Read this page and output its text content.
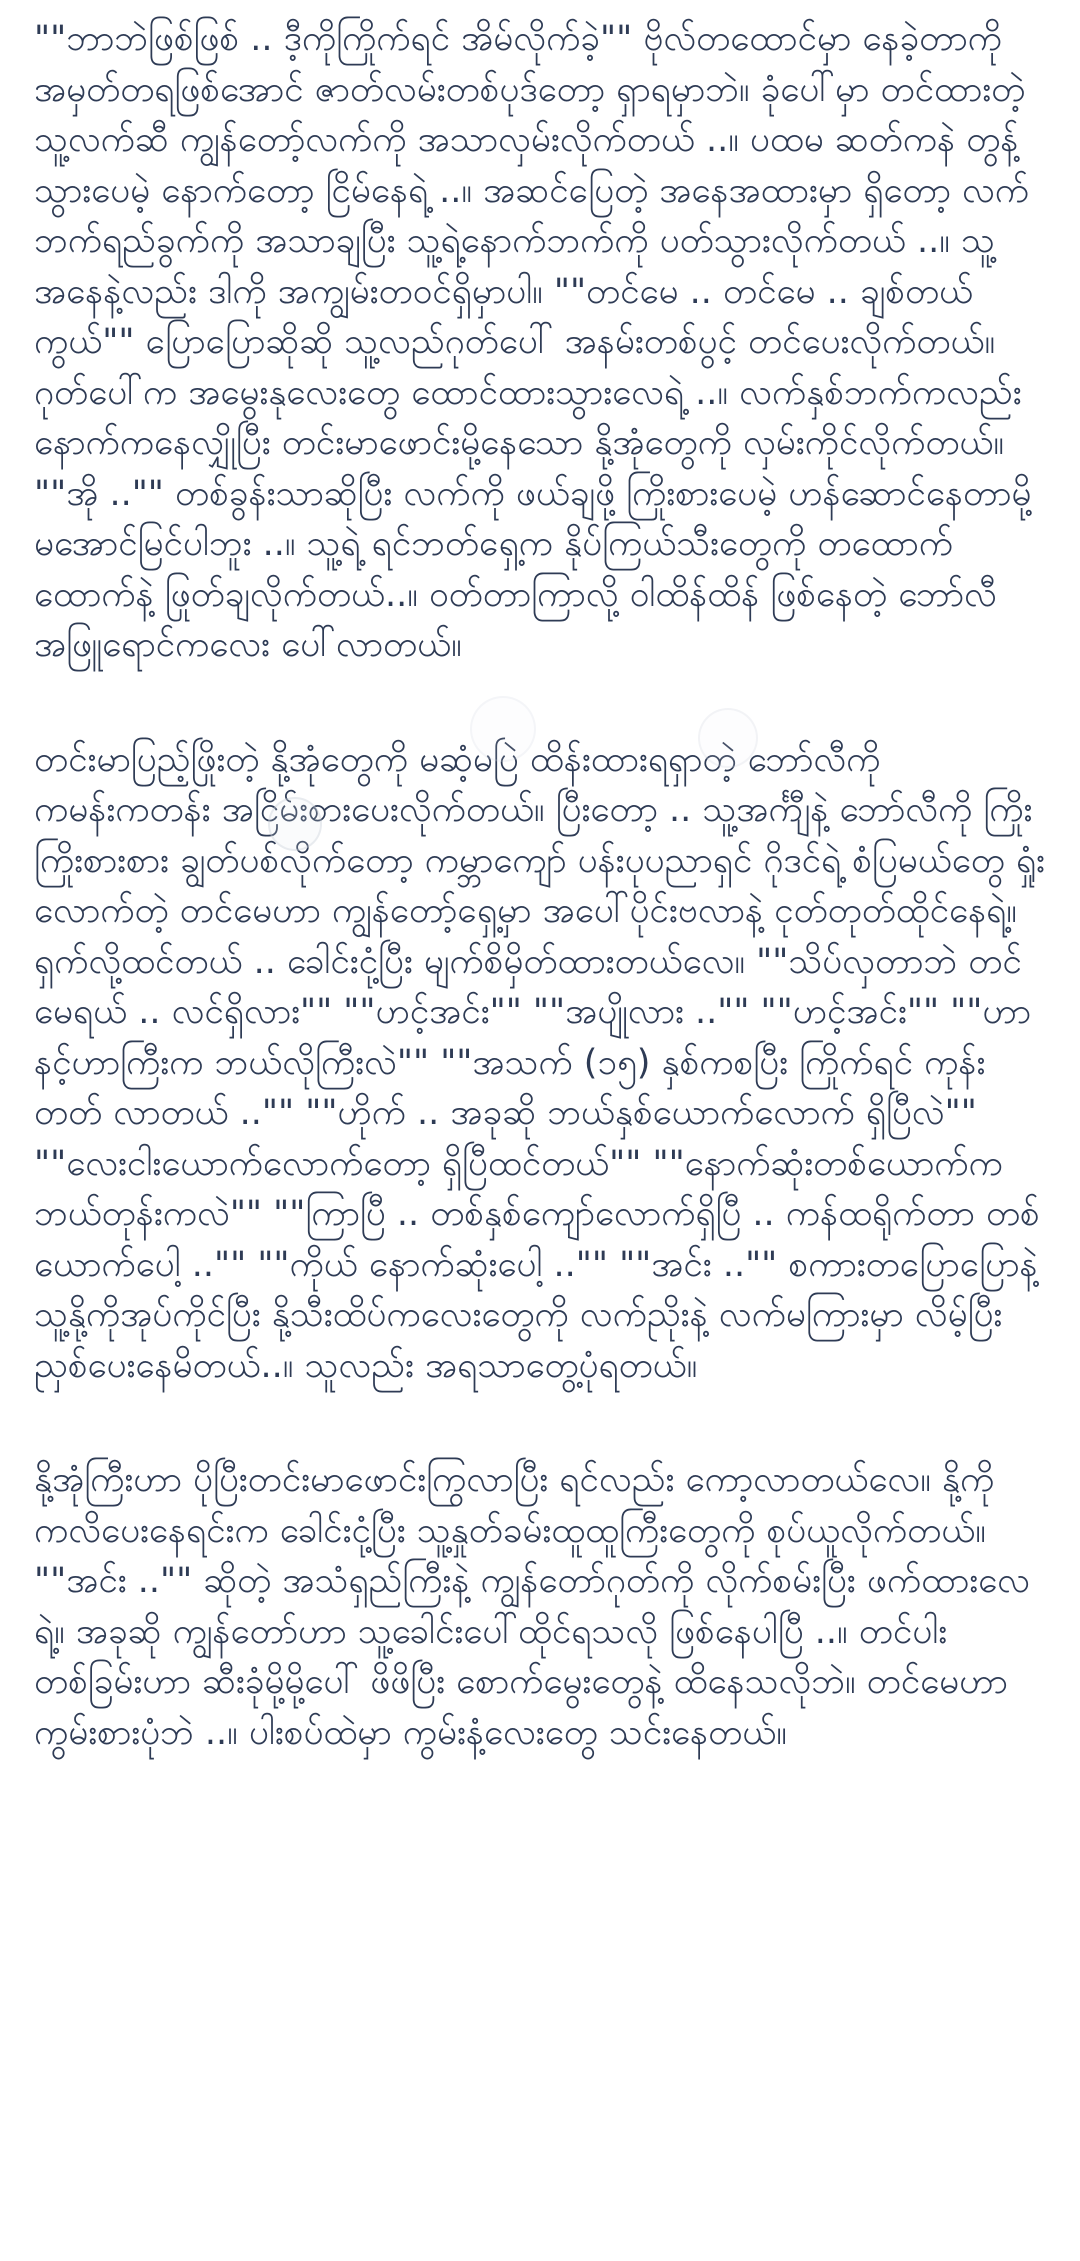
""ဘာဘဲဖြစ်ဖြစ် .. ဒီ့ကိုကြိုက်ရင် အိမ်လိုက်ခဲ့"" ဗိုလ်တထောင်မှာ နေခဲ့တာကို အမှတ်တရဖြစ်အောင် ဇာတ်လမ်းတစ်ပုဒ်တော့ ရှာရမှာဘဲ။ ခုံပေါ်မှာ တင်ထားတဲ့ သူ့လက်ဆီ ကျွန်တော့်လက်ကို အသာလှမ်းလိုက်တယ် ..။ ပထမ ဆတ်ကနဲ တွန့်သွားပေမဲ့ နောက်တော့ ငြိမ်နေရဲ့ ..။ အဆင်ပြေတဲ့ အနေအထားမှာ ရှိတော့ လက်ဘက်ရည်ခွက်ကို အသာချပြီး သူ့ရဲ့နောက်ဘက်ကို ပတ်သွားလိုက်တယ် ..။ သူ့အနေနဲ့လည်း ဒါကို အကျွမ်းတဝင်ရှိမှာပါ။ ""တင်မေ .. တင်မေ .. ချစ်တယ်ကွယ်"" ပြောပြောဆိုဆို သူ့လည်ဂုတ်ပေါ် အနမ်းတစ်ပွင့် တင်ပေးလိုက်တယ်။ ဂုတ်ပေါ်က အမွေးနုလေးတွေ ထောင်ထားသွားလေရဲ့ ..။ လက်နှစ်ဘက်ကလည်း နောက်ကနေလျှိုပြီး တင်းမာဖောင်းမို့နေသော နို့အုံတွေကို လှမ်းကိုင်လိုက်တယ်။ ""အို .."" တစ်ခွန်းသာဆိုပြီး လက်ကို ဖယ်ချဖို့ ကြိုးစားပေမဲ့ ဟန်ဆောင်နေတာမို့ မအောင်မြင်ပါဘူး ..။ သူ့ရဲ့ ရင်ဘတ်ရှေ့က နိုပ်ကြယ်သီးတွေကို တထောက်ထောက်နဲ့ ဖြုတ်ချလိုက်တယ်..။ ဝတ်တာကြာလို့ ဝါထိန်ထိန် ဖြစ်နေတဲ့ ဘော်လီအဖြူရောင်ကလေး ပေါ်လာတယ်။

တင်းမာပြည့်ဖြိုးတဲ့ နို့အုံတွေကို မဆံ့မပြဲ ထိန်းထားရရှာတဲ့ ဘော်လီကို ကမန်းကတန်း အငြိမ်းစားပေးလိုက်တယ်။ ပြီးတော့ .. သူ့အင်္ကျီနဲ့ ဘော်လီကို ကြိုးကြိုးစားစား ချွတ်ပစ်လိုက်တော့ ကမ္ဘာကျော် ပန်းပုပညာရှင် ဂိုဒင်ရဲ့ စံပြမယ်တွေ ရှုံးလောက်တဲ့ တင်မေဟာ ကျွန်တော့်ရှေ့မှာ အပေါ်ပိုင်းဗလာနဲ့ ငုတ်တုတ်ထိုင်နေရဲ့။ ရှက်လို့ထင်တယ် .. ခေါင်းငုံ့ပြီး မျက်စိမှိတ်ထားတယ်လေ။ ""သိပ်လှတာဘဲ တင်မေရယ် .. လင်ရှိလား"" ""ဟင့်အင်း"" ""အပျိုလား .."" ""ဟင့်အင်း"" ""ဟာ နင့်ဟာကြီးက ဘယ်လိုကြီးလဲ"" ""အသက် (၁၅) နှစ်ကစပြီး ကြိုက်ရင် ကုန်းတတ် လာတယ် .."" ""ဟိုက် .. အခုဆို ဘယ်နှစ်ယောက်လောက် ရှိပြီလဲ"" ""လေးငါးယောက်လောက်တော့ ရှိပြီထင်တယ်"" ""နောက်ဆုံးတစ်ယောက်က ဘယ်တုန်းကလဲ"" ""ကြာပြီ .. တစ်နှစ်ကျော်လောက်ရှိပြီ .. ကန်ထရိုက်တာ တစ်ယောက်ပေါ့ .."" ""ကိုယ် နောက်ဆုံးပေါ့ .."" ""အင်း .."" စကားတပြောပြောနဲ့ သူ့နို့ကိုအုပ်ကိုင်ပြီး နို့သီးထိပ်ကလေးတွေကို လက်ညိုးနဲ့ လက်မကြားမှာ လိမ့်ပြီး ညှစ်ပေးနေမိတယ်..။ သူလည်း အရသာတွေ့ပုံရတယ်။

နို့အုံကြီးဟာ ပိုပြီးတင်းမာဖောင်းကြွလာပြီး ရင်လည်း ကော့လာတယ်လေ။ နို့ကို ကလိပေးနေရင်းက ခေါင်းငုံ့ပြီး သူ့နှုတ်ခမ်းထူထူကြီးတွေကို စုပ်ယူလိုက်တယ်။ ""အင်း .."" ဆိုတဲ့ အသံရှည်ကြီးနဲ့ ကျွန်တော်ဂုတ်ကို လိုက်စမ်းပြီး ဖက်ထားလေရဲ့။ အခုဆို ကျွန်တော်ဟာ သူ့ခေါင်းပေါ်ထိုင်ရသလို ဖြစ်နေပါပြီ ..။ တင်ပါးတစ်ခြမ်းဟာ ဆီးခုံမို့မို့ပေါ် ဖိဖိပြီး စောက်မွေးတွေနဲ့ ထိနေသလိုဘဲ။ တင်မေဟာ ကွမ်းစားပုံဘဲ ..။ ပါးစပ်ထဲမှာ ကွမ်းနံ့လေးတွေ သင်းနေတယ်။
